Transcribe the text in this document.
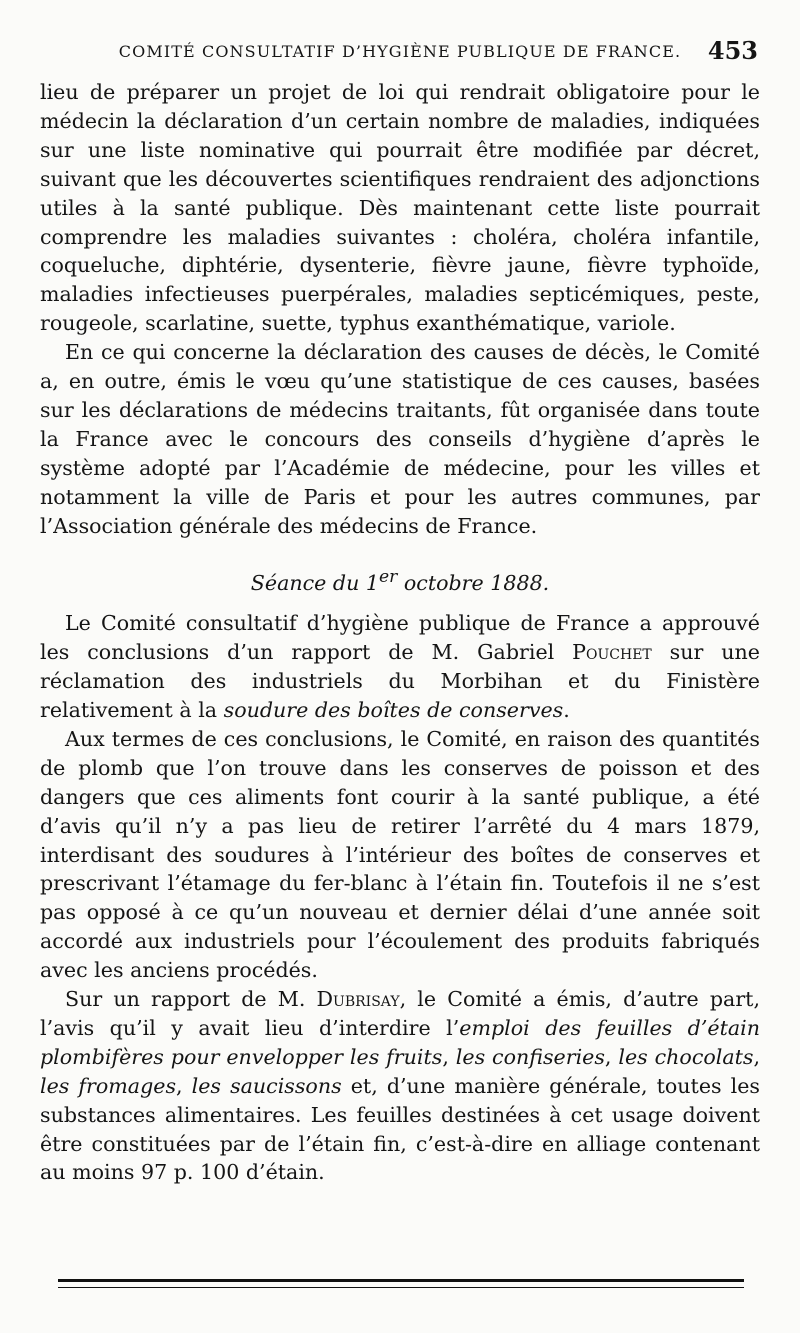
COMITÉ CONSULTATIF D’HYGIÈNE PUBLIQUE DE FRANCE. 453

lieu de préparer un projet de loi qui rendrait obligatoire pour le médecin la déclaration d’un certain nombre de maladies, indiquées sur une liste nominative qui pourrait être modifiée par décret, suivant que les découvertes scientifiques rendraient des adjonctions utiles à la santé publique. Dès maintenant cette liste pourrait comprendre les maladies suivantes : choléra, choléra infantile, coqueluche, diphtérie, dysenterie, fièvre jaune, fièvre typhoïde, maladies infectieuses puerpérales, maladies septicémiques, peste, rougeole, scarlatine, suette, typhus exanthématique, variole.

En ce qui concerne la déclaration des causes de décès, le Comité a, en outre, émis le vœu qu’une statistique de ces causes, basées sur les déclarations de médecins traitants, fût organisée dans toute la France avec le concours des conseils d’hygiène d’après le système adopté par l’Académie de médecine, pour les villes et notamment la ville de Paris et pour les autres communes, par l’Association générale des médecins de France.

Séance du 1er octobre 1888.

Le Comité consultatif d’hygiène publique de France a approuvé les conclusions d’un rapport de M. Gabriel Pouchet sur une réclamation des industriels du Morbihan et du Finistère relativement à la soudure des boîtes de conserves.

Aux termes de ces conclusions, le Comité, en raison des quantités de plomb que l’on trouve dans les conserves de poisson et des dangers que ces aliments font courir à la santé publique, a été d’avis qu’il n’y a pas lieu de retirer l’arrêté du 4 mars 1879, interdisant des soudures à l’intérieur des boîtes de conserves et prescrivant l’étamage du fer-blanc à l’étain fin. Toutefois il ne s’est pas opposé à ce qu’un nouveau et dernier délai d’une année soit accordé aux industriels pour l’écoulement des produits fabriqués avec les anciens procédés.

Sur un rapport de M. Dubrisay, le Comité a émis, d’autre part, l’avis qu’il y avait lieu d’interdire l’emploi des feuilles d’étain plombifères pour envelopper les fruits, les confiseries, les chocolats, les fromages, les saucissons et, d’une manière générale, toutes les substances alimentaires. Les feuilles destinées à cet usage doivent être constituées par de l’étain fin, c’est-à-dire en alliage contenant au moins 97 p. 100 d’étain.
